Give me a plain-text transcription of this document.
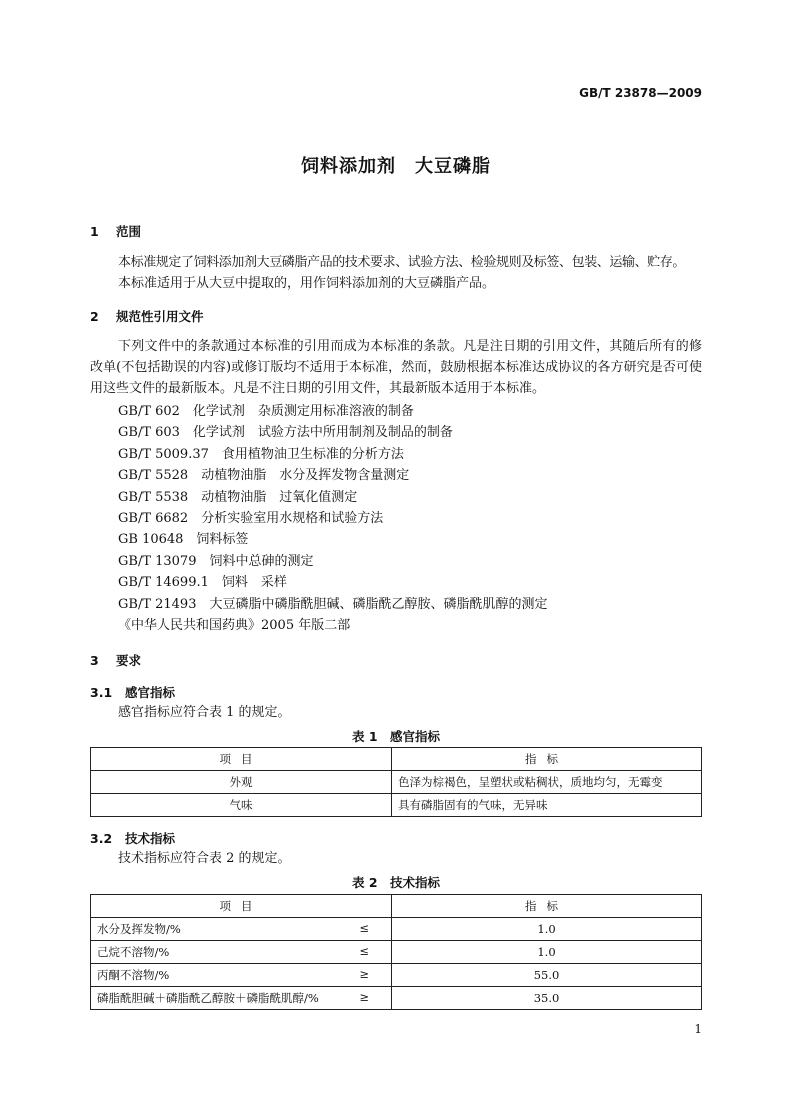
GB/T 23878—2009
饲料添加剂　大豆磷脂
1 范围
本标准规定了饲料添加剂大豆磷脂产品的技术要求、试验方法、检验规则及标签、包装、运输、贮存。
本标准适用于从大豆中提取的，用作饲料添加剂的大豆磷脂产品。
2 规范性引用文件
下列文件中的条款通过本标准的引用而成为本标准的条款。凡是注日期的引用文件，其随后所有的修改单(不包括勘误的内容)或修订版均不适用于本标准，然而，鼓励根据本标准达成协议的各方研究是否可使用这些文件的最新版本。凡是不注日期的引用文件，其最新版本适用于本标准。
GB/T 602　化学试剂　杂质测定用标准溶液的制备
GB/T 603　化学试剂　试验方法中所用制剂及制品的制备
GB/T 5009.37　食用植物油卫生标准的分析方法
GB/T 5528　动植物油脂　水分及挥发物含量测定
GB/T 5538　动植物油脂　过氧化值测定
GB/T 6682　分析实验室用水规格和试验方法
GB 10648　饲料标签
GB/T 13079　饲料中总砷的测定
GB/T 14699.1　饲料　采样
GB/T 21493　大豆磷脂中磷脂酰胆碱、磷脂酰乙醇胺、磷脂酰肌醇的测定
《中华人民共和国药典》2005 年版二部
3 要求
3.1 感官指标
感官指标应符合表 1 的规定。
表 1　感官指标
项目	指标
外观	色泽为棕褐色，呈塑状或粘稠状，质地均匀，无霉变
气味	具有磷脂固有的气味，无异味
3.2 技术指标
技术指标应符合表 2 的规定。
表 2　技术指标
项目	指标
水分及挥发物/% ≤	1.0
己烷不溶物/% ≤	1.0
丙酮不溶物/% ≥	55.0
磷脂酰胆碱＋磷脂酰乙醇胺＋磷脂酰肌醇/% ≥	35.0
1
